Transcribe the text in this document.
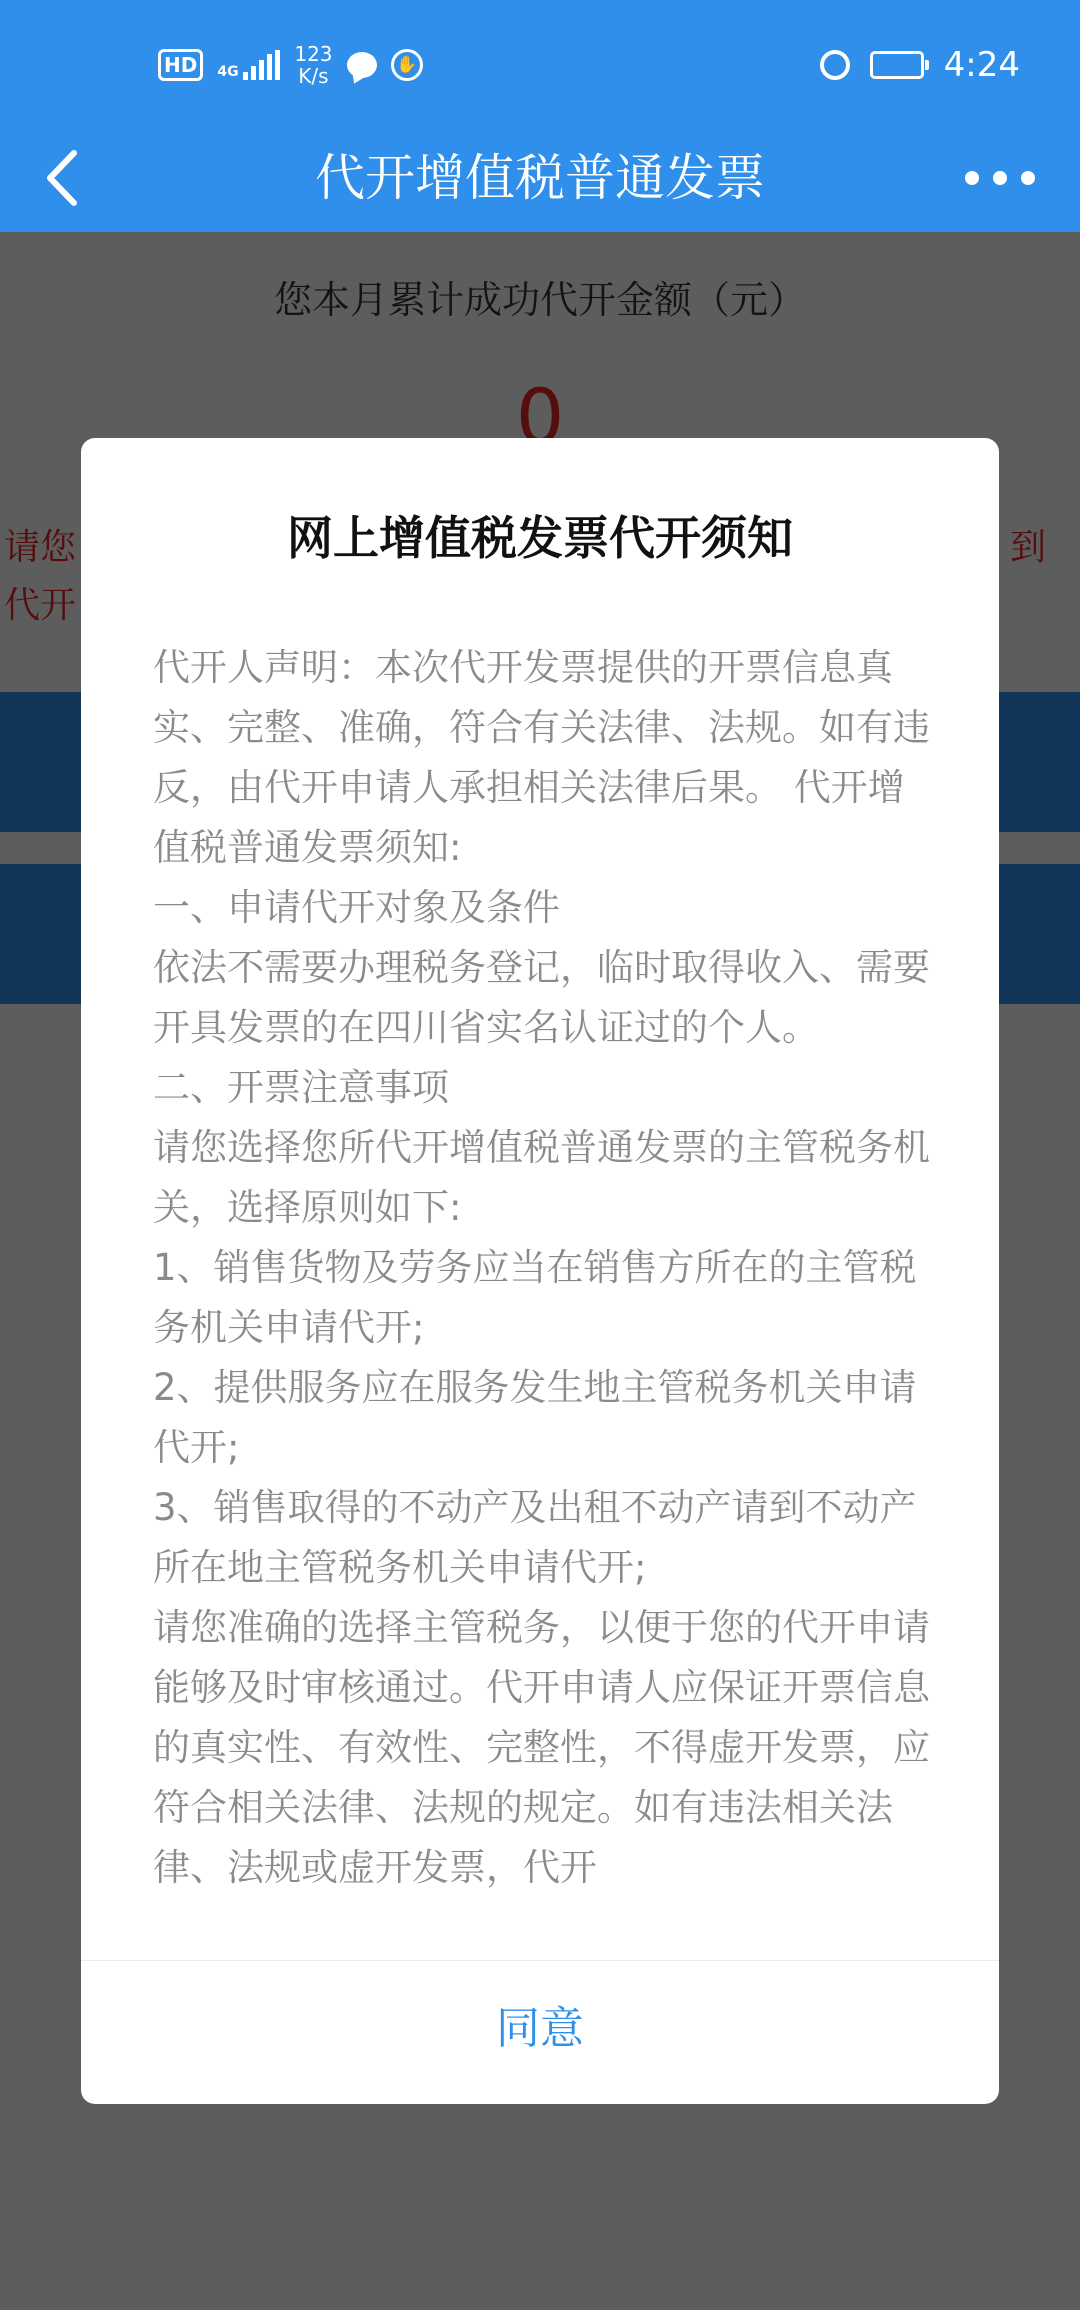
HD	4G
123
K/s	✋	4:24
代开增值税普通发票
网上增值税发票代开须知

代开人声明：本次代开发票提供的开票信息真实、完整、准确，符合有关法律、法规。如有违反，由代开申请人承担相关法律后果。 代开增值税普通发票须知:

一、申请代开对象及条件

依法不需要办理税务登记，临时取得收入、需要开具发票的在四川省实名认证过的个人。

二、开票注意事项

请您选择您所代开增值税普通发票的主管税务机关，选择原则如下:

1、销售货物及劳务应当在销售方所在的主管税务机关申请代开;

2、提供服务应在服务发生地主管税务机关申请代开;

3、销售取得的不动产及出租不动产请到不动产所在地主管税务机关申请代开;

请您准确的选择主管税务，以便于您的代开申请能够及时审核通过。代开申请人应保证开票信息的真实性、有效性、完整性，不得虚开发票，应符合相关法律、法规的规定。如有违法相关法律、法规或虚开发票，代开

同意
